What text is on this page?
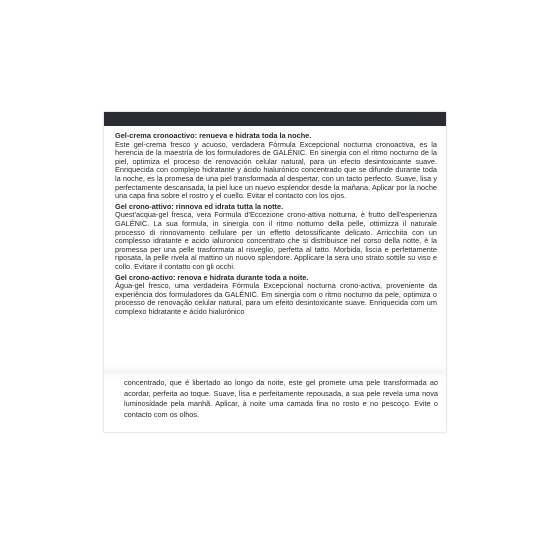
Gel-crema cronoactivo: renueva e hidrata toda la noche.

Este gel-crema fresco y acuoso, verdadera Fórmula Excepcional nocturna cronoactiva, es la herencia de la maestría de los formuladores de GALÉNIC. En sinergia con el ritmo nocturno de la piel, optimiza el proceso de renovación celular natural, para un efecto desintoxicante suave. Enriquecida con complejo hidratante y ácido hialurónico concentrado que se difunde durante toda la noche, es la promesa de una piel transformada al despertar, con un tacto perfecto. Suave, lisa y perfectamente descansada, la piel luce un nuevo esplendor desde la mañana. Aplicar por la noche una capa fina sobre el rostro y el cuello. Evitar el contacto con los ojos.

Gel crono-attivo: rinnova ed idrata tutta la notte.

Quest'acqua-gel fresca, vera Formula d'Eccezione crono-attiva notturna, è frutto dell'esperienza GALÉNIC. La sua formula, in sinergia con il ritmo notturno della pelle, ottimizza il naturale processo di rinnovamento cellulare per un effetto detossificante delicato. Arricchita con un complesso idratante e acido ialuronico concentrato che si distribuisce nel corso della notte, è la promessa per una pelle trasformata al risveglio, perfetta al tatto. Morbida, liscia e perfettamente riposata, la pelle rivela al mattino un nuovo splendore. Applicare la sera uno strato sottile su viso e collo. Evitare il contatto con gli occhi.

Gel crono-activo: renova e hidrata durante toda a noite.

Água-gel fresco, uma verdadeira Fórmula Excepcional nocturna crono-activa, proveniente da experiência dos formuladores da GALÉNIC. Em sinergia com o ritmo nocturno da pele, optimiza o processo de renovação celular natural, para um efeito desintoxicante suave. Enriquecida com um complexo hidratante e ácido hialurónico

concentrado, que é libertado ao longo da noite, este gel promete uma pele transformada ao acordar, perfeita ao toque. Suave, lisa e perfeitamente repousada, a sua pele revela uma nova luminosidade pela manhã. Aplicar, à noite uma camada fina no rosto e no pescoço. Evite o contacto com os olhos.
